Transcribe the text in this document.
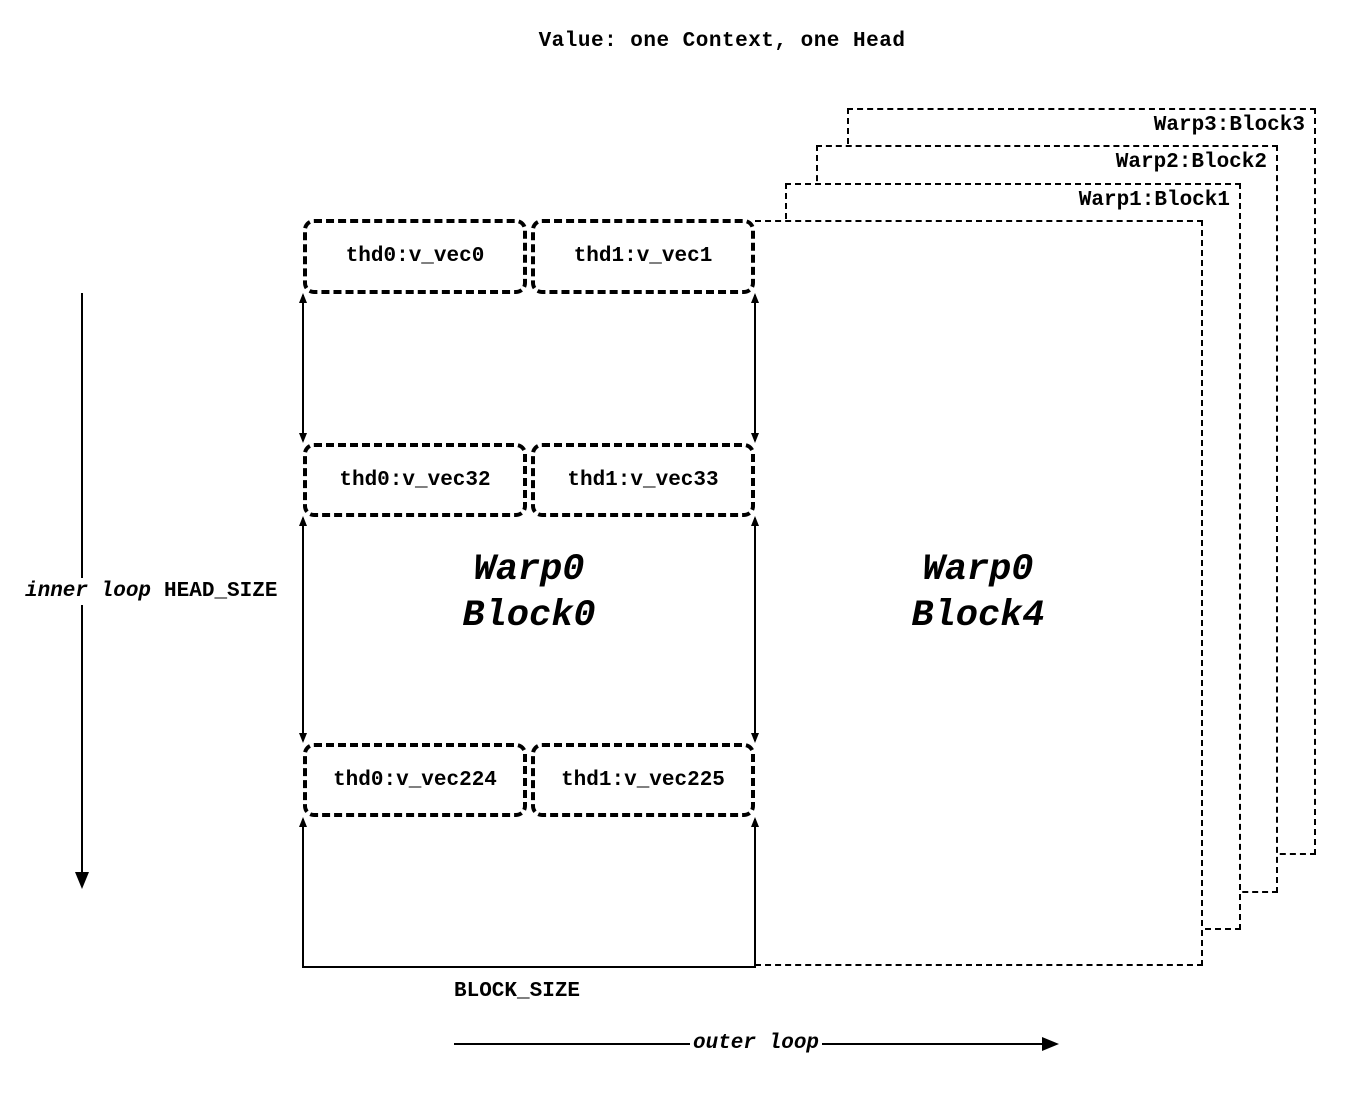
Value: one Context, one Head
inner loop HEAD_SIZE
Warp3:Block3
Warp2:Block2
Warp1:Block1
Warp0
Block4
Warp0
Block0
thd0:v_vec0	thd1:v_vec1
thd0:v_vec32	thd1:v_vec33
thd0:v_vec224	thd1:v_vec225
BLOCK_SIZE
outer loop
